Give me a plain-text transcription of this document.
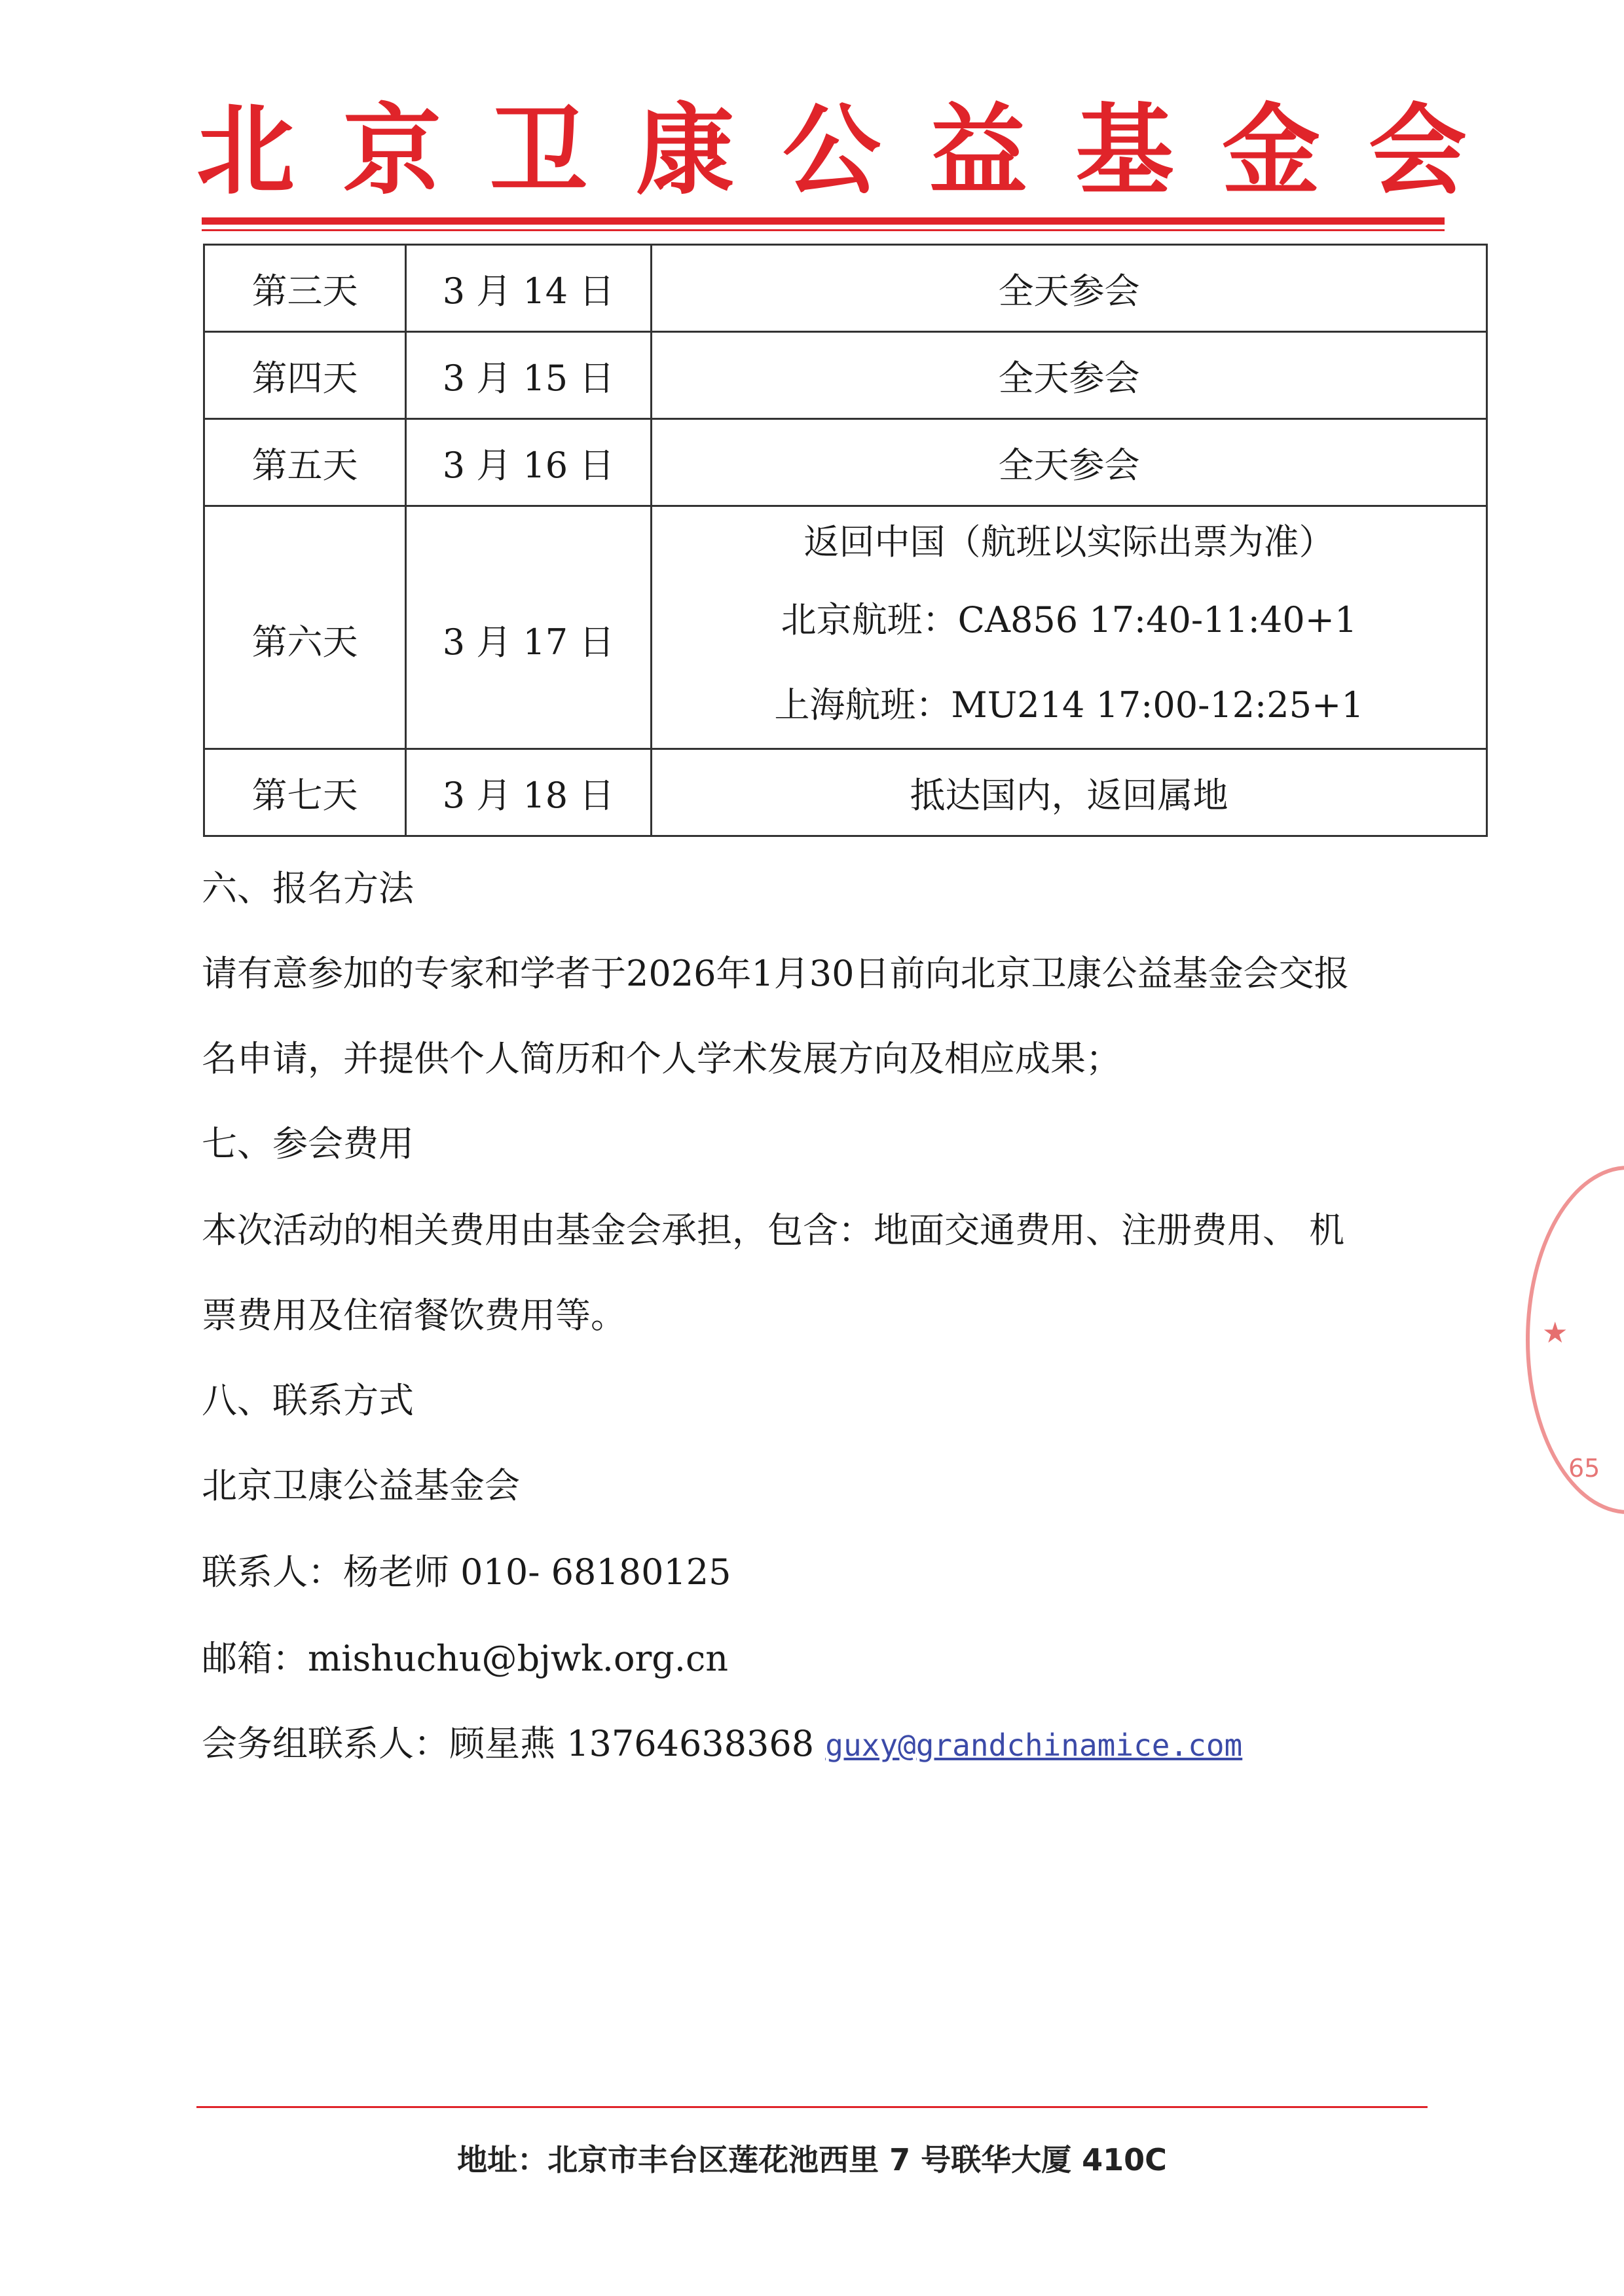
北 京 卫 康 公 益 基 金 会
第三天	3 月 14 日	全天参会
第四天	3 月 15 日	全天参会
第五天	3 月 16 日	全天参会
第六天	3 月 17 日	返回中国（航班以实际出票为准）
北京航班：CA856 17:40-11:40+1
上海航班：MU214 17:00-12:25+1

第七天	3 月 18 日	抵达国内，返回属地
六、报名方法
请有意参加的专家和学者于2026年1月30日前向北京卫康公益基金会交报
名申请，并提供个人简历和个人学术发展方向及相应成果；
七、参会费用
本次活动的相关费用由基金会承担，包含：地面交通费用、注册费用、 机
票费用及住宿餐饮费用等。
八、联系方式
北京卫康公益基金会
联系人：杨老师 010- 68180125
邮箱：mishuchu@bjwk.org.cn
会务组联系人：顾星燕 13764638368 guxy@grandchinamice.com
★
65
地址：北京市丰台区莲花池西里 7 号联华大厦 410C
